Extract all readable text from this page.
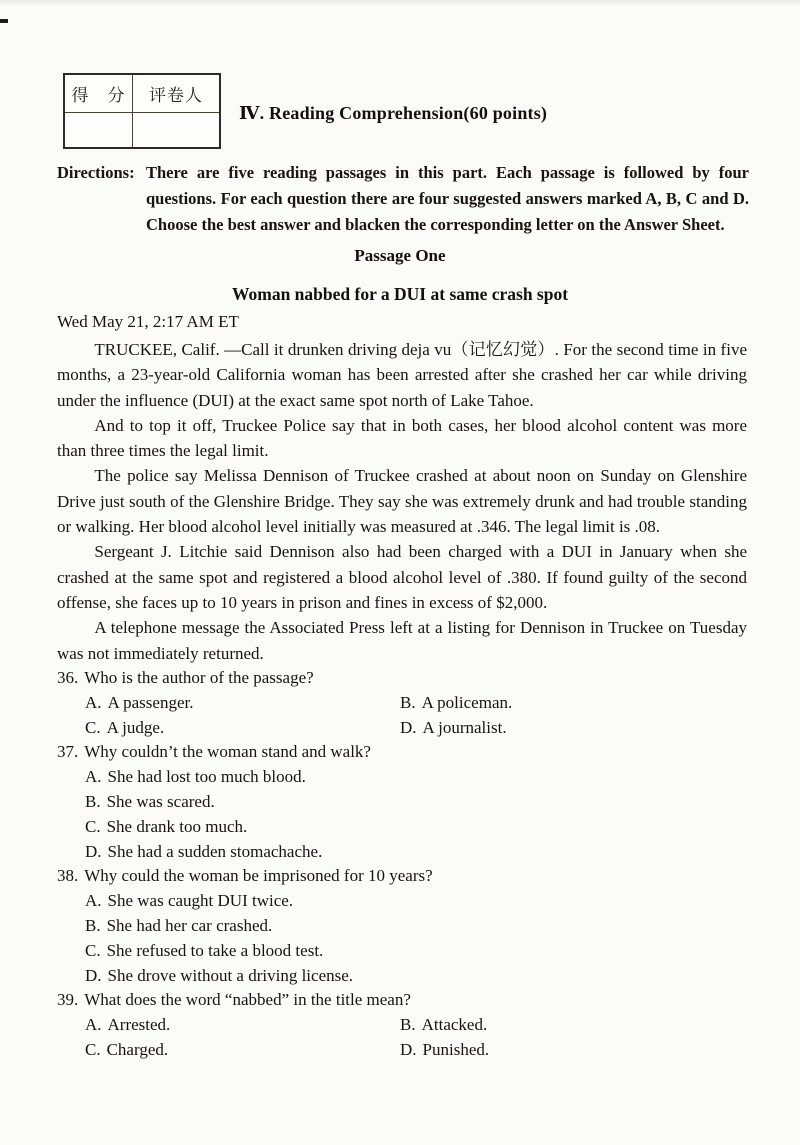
得　分	评卷人
Ⅳ. Reading Comprehension(60 points)
Directions: There are five reading passages in this part. Each passage is followed by four questions. For each question there are four suggested answers marked A, B, C and D. Choose the best answer and blacken the corresponding letter on the Answer Sheet.
Passage One
Woman nabbed for a DUI at same crash spot
Wed May 21, 2:17 AM ET

TRUCKEE, Calif. —Call it drunken driving deja vu（记忆幻觉）. For the second time in five months, a 23-year-old California woman has been arrested after she crashed her car while driving under the influence (DUI) at the exact same spot north of Lake Tahoe.

And to top it off, Truckee Police say that in both cases, her blood alcohol content was more than three times the legal limit.

The police say Melissa Dennison of Truckee crashed at about noon on Sunday on Glenshire Drive just south of the Glenshire Bridge. They say she was extremely drunk and had trouble standing or walking. Her blood alcohol level initially was measured at .346. The legal limit is .08.

Sergeant J. Litchie said Dennison also had been charged with a DUI in January when she crashed at the same spot and registered a blood alcohol level of .380. If found guilty of the second offense, she faces up to 10 years in prison and fines in excess of $2,000.

A telephone message the Associated Press left at a listing for Dennison in Truckee on Tuesday was not immediately returned.

36. Who is the author of the passage?
A. A passenger.	B. A policeman.
C. A judge.	D. A journalist.
37. Why couldn’t the woman stand and walk?
A. She had lost too much blood.
B. She was scared.
C. She drank too much.
D. She had a sudden stomachache.
38. Why could the woman be imprisoned for 10 years?
A. She was caught DUI twice.
B. She had her car crashed.
C. She refused to take a blood test.
D. She drove without a driving license.
39. What does the word “nabbed” in the title mean?
A. Arrested.	B. Attacked.
C. Charged.	D. Punished.
